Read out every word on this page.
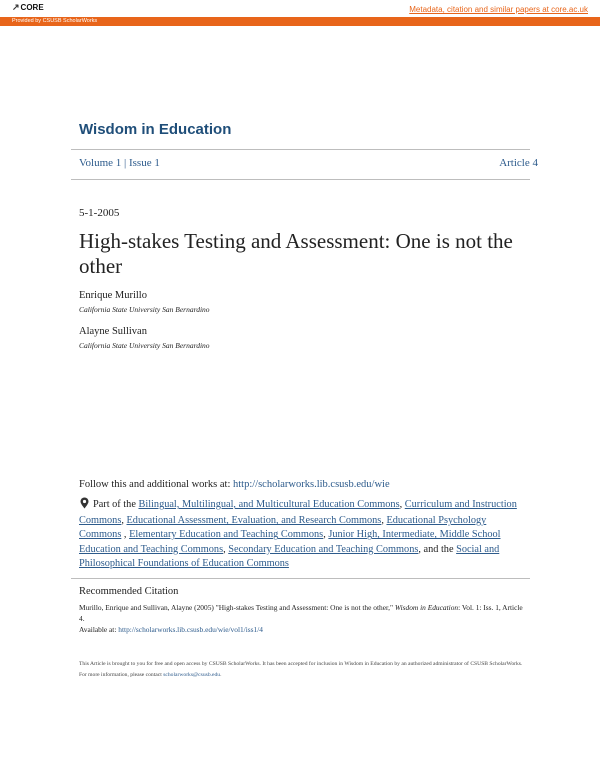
↗ CORE	Metadata, citation and similar papers at core.ac.uk
Provided by CSUSB ScholarWorks
Wisdom in Education
Volume 1 | Issue 1	Article 4
5-1-2005
High-stakes Testing and Assessment: One is not the other
Enrique Murillo
California State University San Bernardino
Alayne Sullivan
California State University San Bernardino
Follow this and additional works at: http://scholarworks.lib.csusb.edu/wie
Part of the Bilingual, Multilingual, and Multicultural Education Commons, Curriculum and Instruction Commons, Educational Assessment, Evaluation, and Research Commons, Educational Psychology Commons , Elementary Education and Teaching Commons, Junior High, Intermediate, Middle School Education and Teaching Commons, Secondary Education and Teaching Commons, and the Social and Philosophical Foundations of Education Commons
Recommended Citation
Murillo, Enrique and Sullivan, Alayne (2005) "High-stakes Testing and Assessment: One is not the other," Wisdom in Education: Vol. 1: Iss. 1, Article 4.
Available at: http://scholarworks.lib.csusb.edu/wie/vol1/iss1/4
This Article is brought to you for free and open access by CSUSB ScholarWorks. It has been accepted for inclusion in Wisdom in Education by an authorized administrator of CSUSB ScholarWorks. For more information, please contact scholarworks@csusb.edu.
